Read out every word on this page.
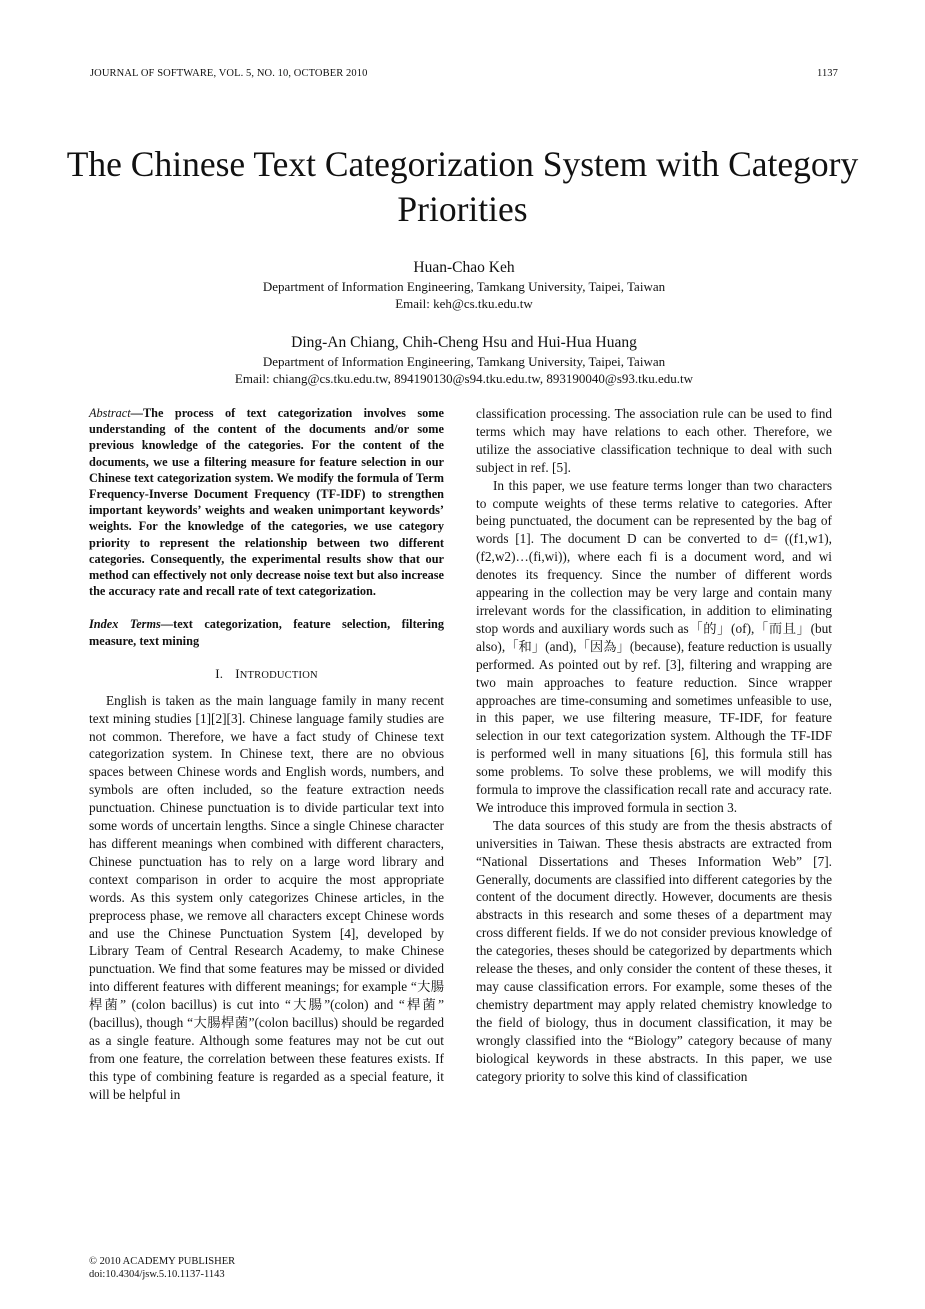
JOURNAL OF SOFTWARE, VOL. 5, NO. 10, OCTOBER 2010	1137
The Chinese Text Categorization System with Category Priorities
Huan-Chao Keh
Department of Information Engineering, Tamkang University, Taipei, Taiwan
Email: keh@cs.tku.edu.tw
Ding-An Chiang, Chih-Cheng Hsu and Hui-Hua Huang
Department of Information Engineering, Tamkang University, Taipei, Taiwan
Email: chiang@cs.tku.edu.tw, 894190130@s94.tku.edu.tw, 893190040@s93.tku.edu.tw

Abstract—The process of text categorization involves some understanding of the content of the documents and/or some previous knowledge of the categories. For the content of the documents, we use a filtering measure for feature selection in our Chinese text categorization system. We modify the formula of Term Frequency-Inverse Document Frequency (TF-IDF) to strengthen important keywords’ weights and weaken unimportant keywords’ weights. For the knowledge of the categories, we use category priority to represent the relationship between two different categories. Consequently, the experimental results show that our method can effectively not only decrease noise text but also increase the accuracy rate and recall rate of text categorization.

Index Terms—text categorization, feature selection, filtering measure, text mining

I. INTRODUCTION

English is taken as the main language family in many recent text mining studies [1][2][3]. Chinese language family studies are not common. Therefore, we have a fact study of Chinese text categorization system. In Chinese text, there are no obvious spaces between Chinese words and English words, numbers, and symbols are often included, so the feature extraction needs punctuation. Chinese punctuation is to divide particular text into some words of uncertain lengths. Since a single Chinese character has different meanings when combined with different characters, Chinese punctuation has to rely on a large word library and context comparison in order to acquire the most appropriate words. As this system only categorizes Chinese articles, in the preprocess phase, we remove all characters except Chinese words and use the Chinese Punctuation System [4], developed by Library Team of Central Research Academy, to make Chinese punctuation. We find that some features may be missed or divided into different features with different meanings; for example “大腸桿菌” (colon bacillus) is cut into “大腸”(colon) and “桿菌” (bacillus), though “大腸桿菌”(colon bacillus) should be regarded as a single feature. Although some features may not be cut out from one feature, the correlation between these features exists. If this type of combining feature is regarded as a special feature, it will be helpful in

classification processing. The association rule can be used to find terms which may have relations to each other. Therefore, we utilize the associative classification technique to deal with such subject in ref. [5].

In this paper, we use feature terms longer than two characters to compute weights of these terms relative to categories. After being punctuated, the document can be represented by the bag of words [1]. The document D can be converted to d= ((f1,w1),(f2,w2)…(fi,wi)), where each fi is a document word, and wi denotes its frequency. Since the number of different words appearing in the collection may be very large and contain many irrelevant words for the classification, in addition to eliminating stop words and auxiliary words such as「的」(of),「而且」(but also),「和」(and),「因為」(because), feature reduction is usually performed. As pointed out by ref. [3], filtering and wrapping are two main approaches to feature reduction. Since wrapper approaches are time-consuming and sometimes unfeasible to use, in this paper, we use filtering measure, TF-IDF, for feature selection in our text categorization system. Although the TF-IDF is performed well in many situations [6], this formula still has some problems. To solve these problems, we will modify this formula to improve the classification recall rate and accuracy rate. We introduce this improved formula in section 3.

The data sources of this study are from the thesis abstracts of universities in Taiwan. These thesis abstracts are extracted from “National Dissertations and Theses Information Web” [7]. Generally, documents are classified into different categories by the content of the document directly. However, documents are thesis abstracts in this research and some theses of a department may cross different fields. If we do not consider previous knowledge of the categories, theses should be categorized by departments which release the theses, and only consider the content of these theses, it may cause classification errors. For example, some theses of the chemistry department may apply related chemistry knowledge to the field of biology, thus in document classification, it may be wrongly classified into the “Biology” category because of many biological keywords in these abstracts. In this paper, we use category priority to solve this kind of classification

© 2010 ACADEMY PUBLISHER
doi:10.4304/jsw.5.10.1137-1143
